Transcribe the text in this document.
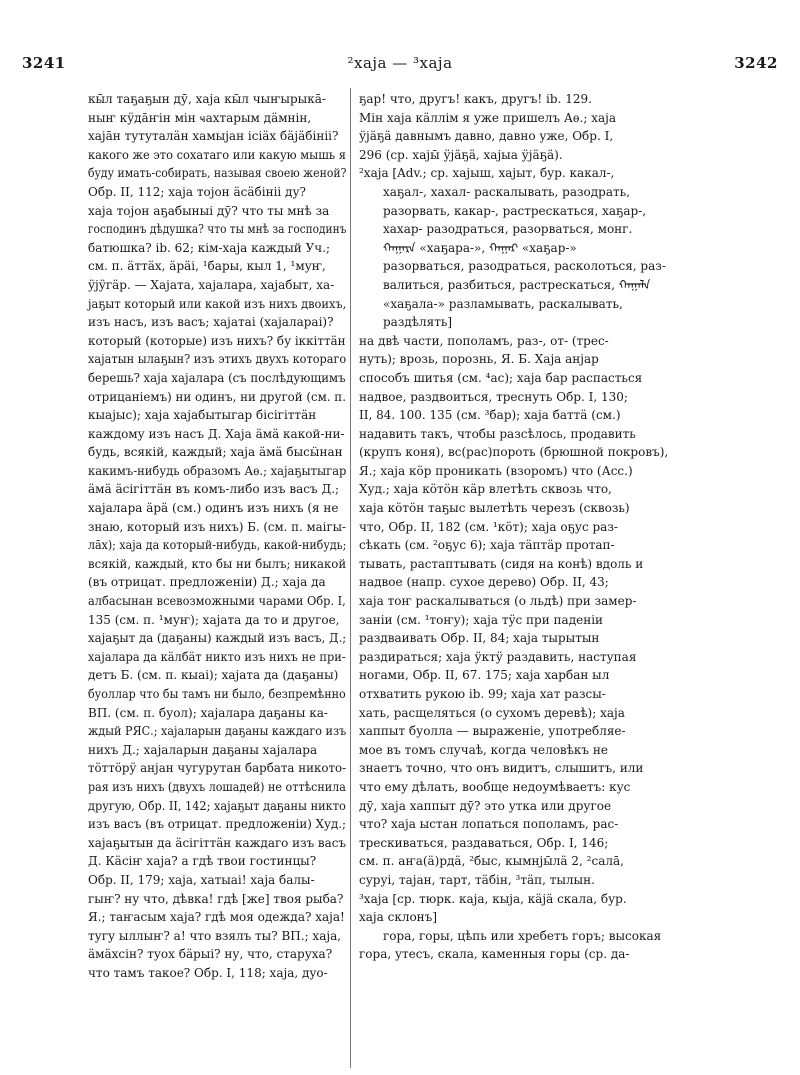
3241	²хаjа — ³хаjа	3242

кы̄л таҕаҕын дӯ, хаjа кы̄л чыҥырыка̄-

ныҥ кӱда̄ҥiн мiн ҹахтарым дӓмнiн,

хаjа̄н тутуталӓн хамыjан iсiӓх бӓjӓбiнiі?

какого же это сохатаго или какую мышь я

буду имать-собирать, называя своею женой?

Обр. II, 112; хаjа тоjон ӓсӓбiнii ду?

хаjа тоjон аҕабыныi дӯ? что ты мнѣ за

господинъ дѣдушка? что ты мнѣ за господинъ

батюшка? ib. 62; кiм-хаjа каждый Уч.;

см. п. ӓттӓх, ӓрӓi, ¹бары, кыл 1, ¹муҥ,

ӱjӱгӓр. — Хаjата, хаjалара, хаjабыт, ха-

jаҕыт который или какой изъ нихъ двоихъ,

изъ насъ, изъ васъ; хаjатаi (хаjаларai)?

который (которые) изъ нихъ? бу iккiттӓн

хаjатын ылаҕын? изъ этихъ двухъ котораго

берешь? хаjа хаjалара (съ послѣдующимъ

отрицанiемъ) ни одинъ, ни другой (см. п.

кыаjыс); хаjа хаjабытыгар бiсiгiттӓн

каждому изъ насъ Д. Хаjа ӓмӓ какой-ни-

будь, всякiй, каждый; хаjа ӓмӓ бысӹнан

какимъ-нибудь образомъ Аѳ.; хаjаҕытыгар

ӓмӓ ӓсiгiттӓн въ комъ-либо изъ васъ Д.;

хаjалара ӓрӓ (см.) одинъ изъ нихъ (я не

знаю, который изъ нихъ) Б. (см. п. маiгы-

ла̄х); хаjа да который-нибудь, какой-нибудь;

всякiй, каждый, кто бы ни былъ; никакой

(въ отрицат. предложенiи) Д.; хаjа да

албасынан всевозможными чарами Обр. I,

135 (см. п. ¹муҥ); хаjата да то и другое,

хаjаҕыт да (даҕаны) каждый изъ васъ, Д.;

хаjалара да кӓлбӓт никто изъ нихъ не при-

детъ Б. (см. п. кыаi); хаjата да (даҕаны)

буоллар что бы тамъ ни было, безпремѣнно

ВП. (см. п. буол); хаjалара даҕаны ка-

ждый РЯС.; хаjаларын даҕаны каждаго изъ

нихъ Д.; хаjаларын даҕаны хаjалара

тӧттӧрӱ анjан чугурутан барбата никото-

рая изъ нихъ (двухъ лошадей) не оттѣснила

другую, Обр. II, 142; хаjаҕыт даҕаны никто

изъ васъ (въ отрицат. предложенiи) Худ.;

хаjаҕытын да ӓсiгiттӓн каждаго изъ васъ

Д. Кӓсiҥ хаjа? а гдѣ твои гостинцы?

Обр. II, 179; хаjа, хатыаі! хаjа балы-

гыҥ? ну что, дѣвка! гдѣ [же] твоя рыба?

Я.; таҥасым хаjа? гдѣ моя одежда? хаjа!

тугу ыллыҥ? а! что взялъ ты? ВП.; хаjа,

ӓмӓхсiн? туох бӓрыі? ну, что, старуха?

что тамъ такое? Обр. I, 118; хаjа, дуо-

ҕар! что, другъ! какъ, другъ! ib. 129.

Мiн хаjа кӓллiм я уже пришелъ Аѳ.; хаjа

ӱjӓҕӓ давнымъ давно, давно уже, Обр. I,

296 (ср. хаjы̄ ӱjӓҕӓ, хаjыа ӱjӓҕӓ).

²хаjа [Adv.; ср. хаjыш, хаjыт, бур. какал-,

хаҕал-, хахал- раскалывать, разодрать,

разорвать, какар-, растрескаться, хаҕар-,

хахар- разодраться, разорваться, монг.

ᠬᠠᠭᠠᠷᠠ «хаҕара-», ᠬᠠᠭᠠᠷ «хаҕар-»

разорваться, разодраться, расколоться, раз-

валиться, разбиться, растрескаться, ᠬᠠᠭᠠᠯᠠ

«хаҕала-» разламывать, раскалывать,

раздѣлять]

на двѣ части, пополамъ, раз-, от- (трес-

нуть); врозь, порознь, Я. Б. Хаjа анjар

способъ шитья (см. ⁴ас); хаjа бар распасться

надвое, раздвоиться, треснуть Обр. I, 130;

II, 84. 100. 135 (см. ³бар); хаjа баттӓ (см.)

надавить такъ, чтобы разсѣлось, продавить

(крупъ коня), вс(рас)пороть (брюшной покровъ),

Я.; хаjа кӧр проникать (взоромъ) что (Асс.)

Худ.; хаjа кӧтӧн кӓр влетѣть сквозь что,

хаjа кӧтӧн таҕыс вылетѣть черезъ (сквозь)

что, Обр. II, 182 (см. ¹кӧт); хаjа оҕус раз-

сѣкать (см. ²оҕус 6); хаjа тӓптӓр протап-

тывать, растаптывать (сидя на конѣ) вдоль и

надвое (напр. сухое дерево) Обр. II, 43;

хаjа тоҥ раскалываться (о льдѣ) при замер-

занiи (см. ¹тоҥу); хаjа тӱс при паденiи

раздваивать Обр. II, 84; хаjа тырытын

раздираться; хаjа ӱктӱ раздавить, наступая

ногами, Обр. II, 67. 175; хаjа харбан ыл

отхватить рукою ib. 99; хаjа хат разсы-

хать, расщеляться (о сухомъ деревѣ); хаjа

хаппыт буолла — выраженiе, употребляе-

мое въ томъ случаѣ, когда человѣкъ не

знаетъ точно, что онъ видитъ, слышитъ, или

что ему дѣлать, вообще недоумѣваетъ: кус

дӯ, хаjа хаппыт дӯ? это утка или другое

что? хаjа ыстан лопаться пополамъ, рас-

трескиваться, раздаваться, Обр. I, 146;

см. п. аҥа(ӓ)рдӓ, ²быс, кымнjы̄лӓ 2, ²сала̄,

суруi, таjан, тарт, тӓбiн, ³тӓп, тылын.

³хаjа [ср. тюрк. каjа, кыjа, кӓjӓ скала, бур.

хаjа склонъ]

гора, горы, цѣпь или хребетъ горъ; высокая

гора, утесъ, скала, каменныя горы (ср. да-
